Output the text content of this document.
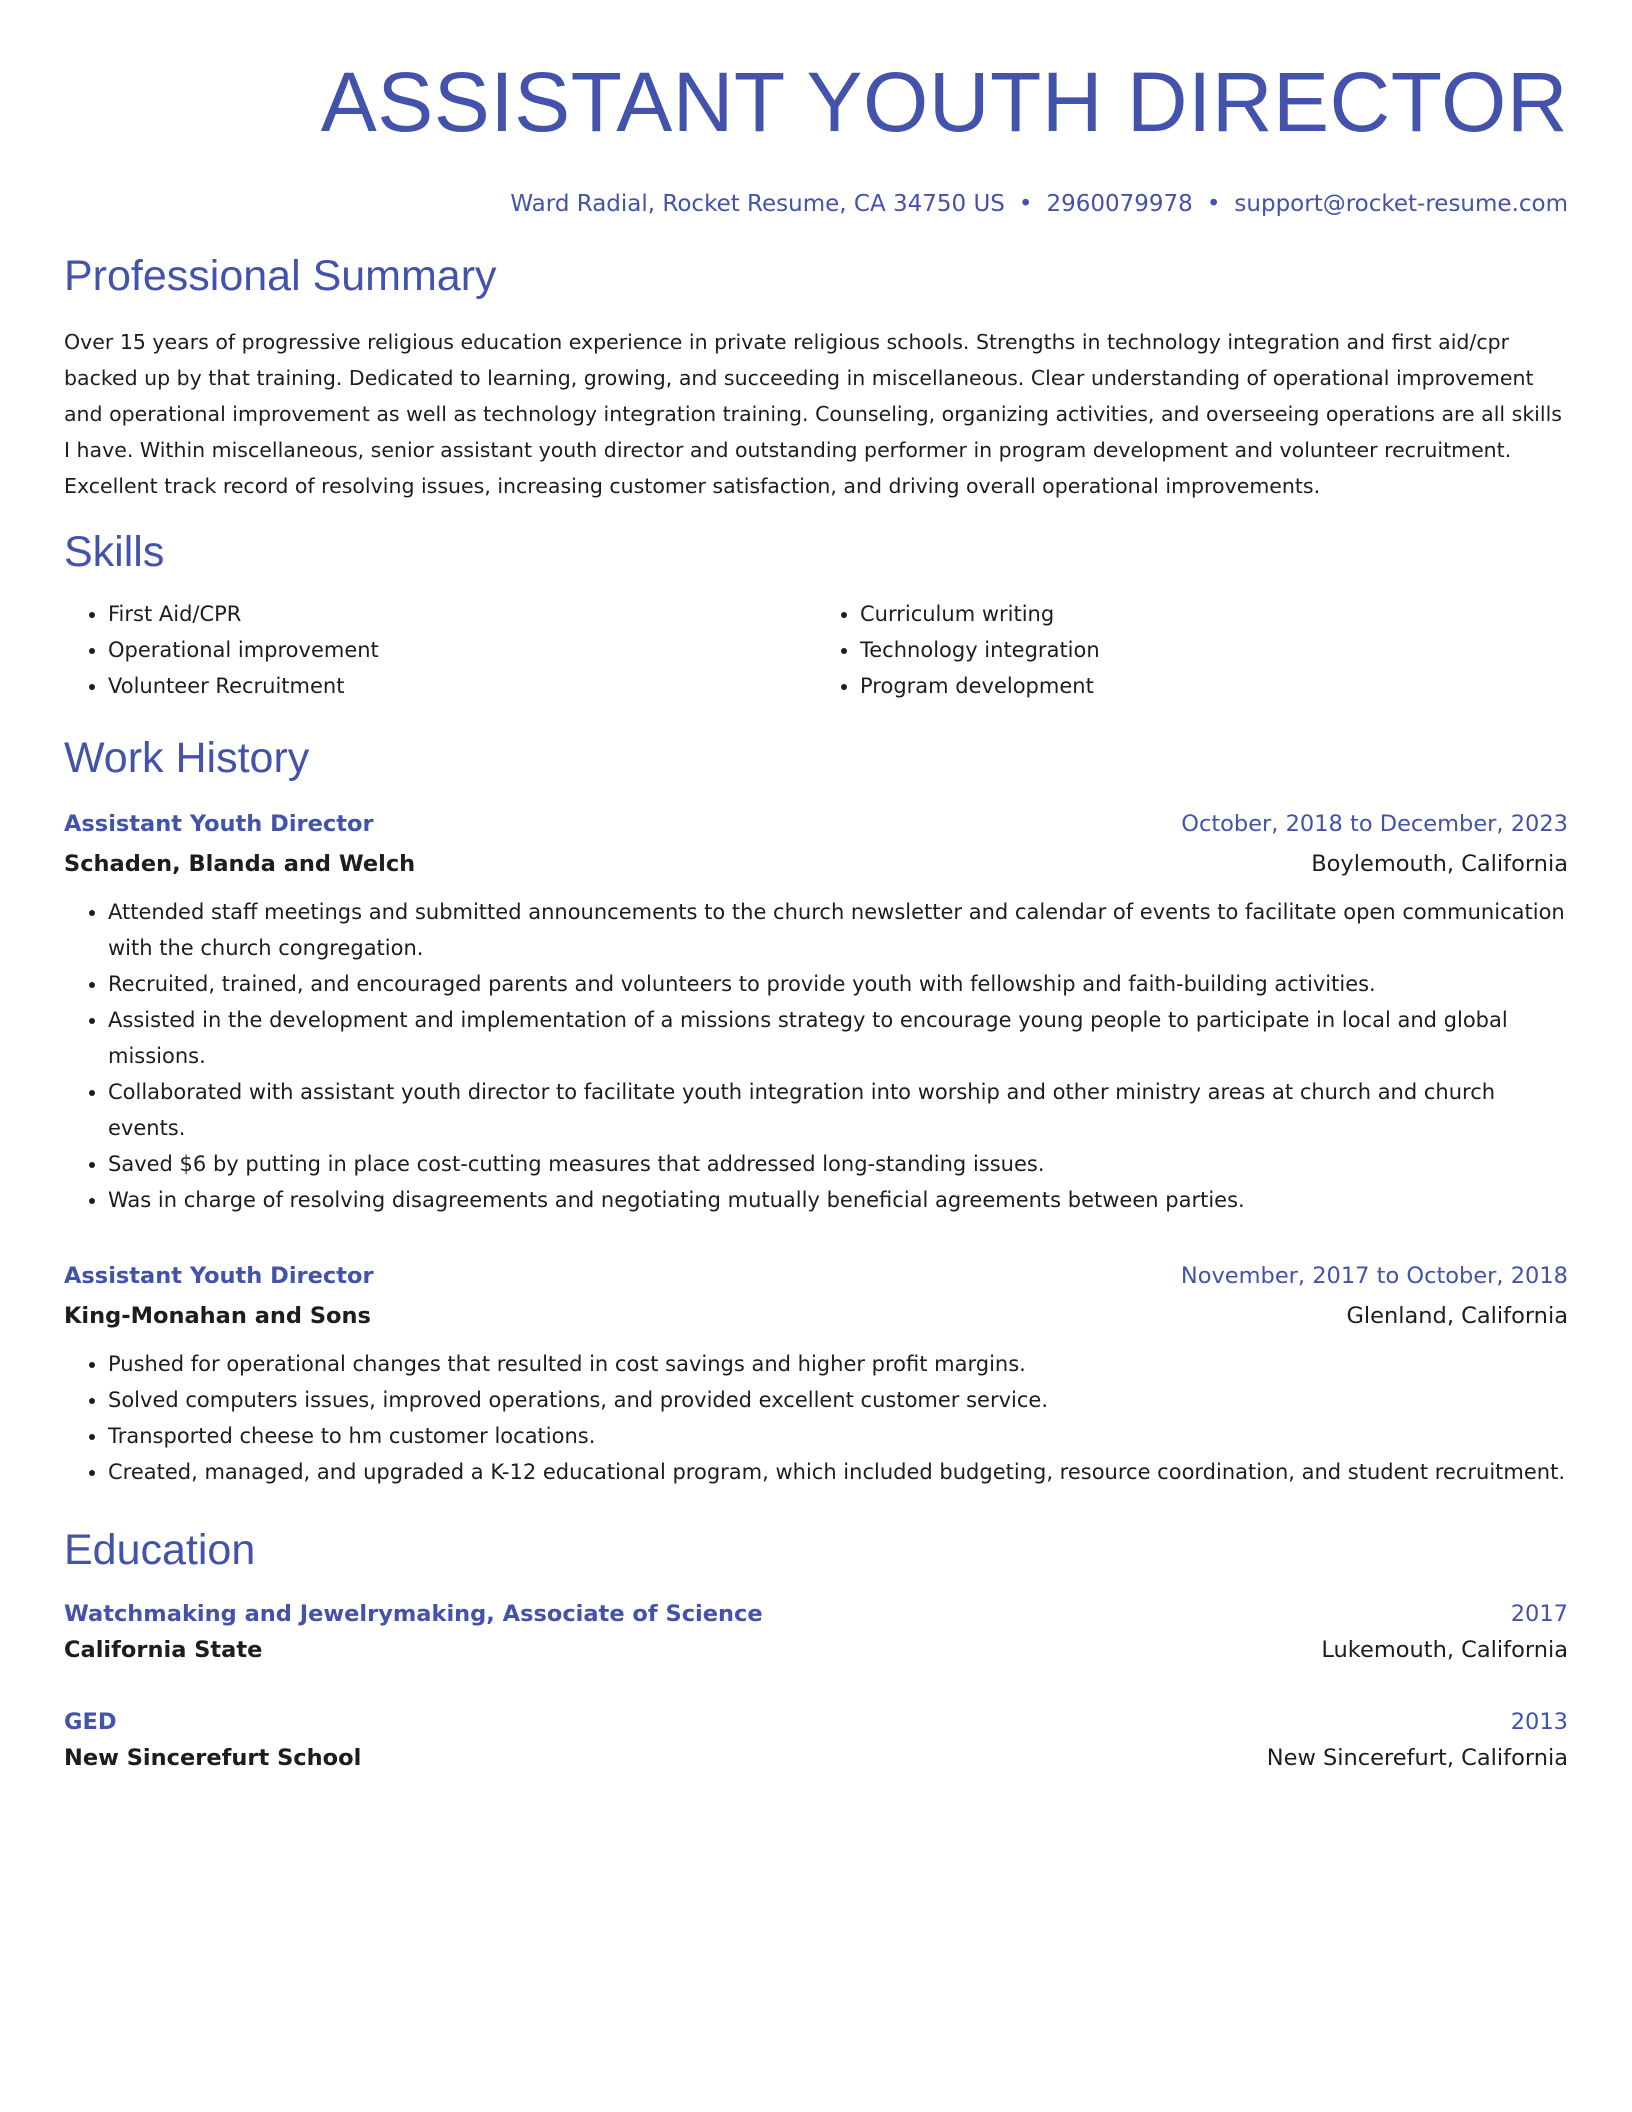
ASSISTANT YOUTH DIRECTOR
Ward Radial, Rocket Resume, CA 34750 US • 2960079978 • support@rocket-resume.com
Professional Summary
Over 15 years of progressive religious education experience in private religious schools. Strengths in technology integration and first aid/cpr backed up by that training. Dedicated to learning, growing, and succeeding in miscellaneous. Clear understanding of operational improvement and operational improvement as well as technology integration training. Counseling, organizing activities, and overseeing operations are all skills I have. Within miscellaneous, senior assistant youth director and outstanding performer in program development and volunteer recruitment. Excellent track record of resolving issues, increasing customer satisfaction, and driving overall operational improvements.
Skills
• First Aid/CPR
• Operational improvement
• Volunteer Recruitment
• Curriculum writing
• Technology integration
• Program development
Work History
Assistant Youth Director	October, 2018 to December, 2023
Schaden, Blanda and Welch	Boylemouth, California
• Attended staff meetings and submitted announcements to the church newsletter and calendar of events to facilitate open communication with the church congregation.
• Recruited, trained, and encouraged parents and volunteers to provide youth with fellowship and faith-building activities.
• Assisted in the development and implementation of a missions strategy to encourage young people to participate in local and global missions.
• Collaborated with assistant youth director to facilitate youth integration into worship and other ministry areas at church and church events.
• Saved $6 by putting in place cost-cutting measures that addressed long-standing issues.
• Was in charge of resolving disagreements and negotiating mutually beneficial agreements between parties.
Assistant Youth Director	November, 2017 to October, 2018
King-Monahan and Sons	Glenland, California
• Pushed for operational changes that resulted in cost savings and higher profit margins.
• Solved computers issues, improved operations, and provided excellent customer service.
• Transported cheese to hm customer locations.
• Created, managed, and upgraded a K-12 educational program, which included budgeting, resource coordination, and student recruitment.
Education
Watchmaking and Jewelrymaking, Associate of Science	2017
California State	Lukemouth, California
GED	2013
New Sincerefurt School	New Sincerefurt, California
